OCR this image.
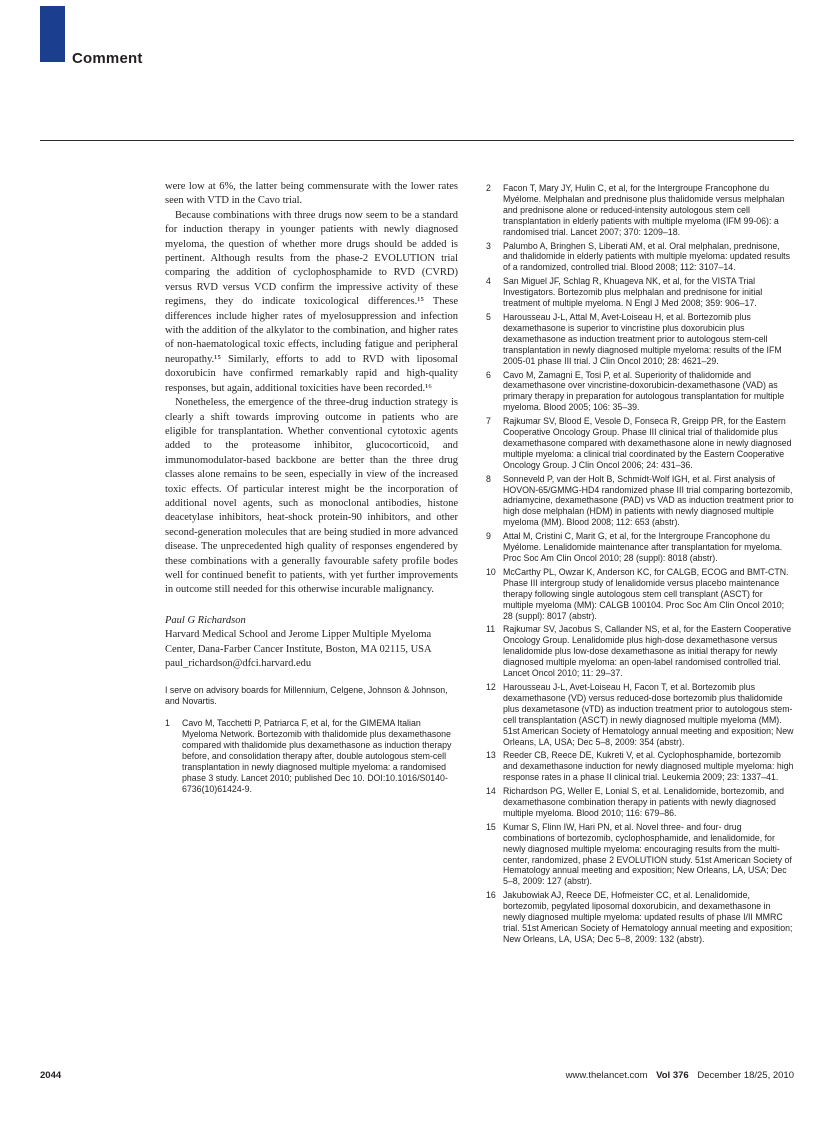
Comment

were low at 6%, the latter being commensurate with the lower rates seen with VTD in the Cavo trial.

Because combinations with three drugs now seem to be a standard for induction therapy in younger patients with newly diagnosed myeloma, the question of whether more drugs should be added is pertinent. Although results from the phase-2 EVOLUTION trial comparing the addition of cyclophosphamide to RVD (CVRD) versus RVD versus VCD confirm the impressive activity of these regimens, they do indicate toxicological differences.¹⁵ These differences include higher rates of myelosuppression and infection with the addition of the alkylator to the combination, and higher rates of non-haematological toxic effects, including fatigue and peripheral neuropathy.¹⁵ Similarly, efforts to add to RVD with liposomal doxorubicin have confirmed remarkably rapid and high-quality responses, but again, additional toxicities have been recorded.¹⁶

Nonetheless, the emergence of the three-drug induction strategy is clearly a shift towards improving outcome in patients who are eligible for transplantation. Whether conventional cytotoxic agents added to the proteasome inhibitor, glucocorticoid, and immunomodulator-based backbone are better than the three drug classes alone remains to be seen, especially in view of the increased toxic effects. Of particular interest might be the incorporation of additional novel agents, such as monoclonal antibodies, histone deacetylase inhibitors, heat-shock protein-90 inhibitors, and other second-generation molecules that are being studied in more advanced disease. The unprecedented high quality of responses engendered by these combinations with a generally favourable safety profile bodes well for continued benefit to patients, with yet further improvements in outcome still needed for this otherwise incurable malignancy.

Paul G Richardson

Harvard Medical School and Jerome Lipper Multiple Myeloma Center, Dana-Farber Cancer Institute, Boston, MA 02115, USA

paul_richardson@dfci.harvard.edu

I serve on advisory boards for Millennium, Celgene, Johnson & Johnson, and Novartis.

1	Cavo M, Tacchetti P, Patriarca F, et al, for the GIMEMA Italian Myeloma Network. Bortezomib with thalidomide plus dexamethasone compared with thalidomide plus dexamethasone as induction therapy before, and consolidation therapy after, double autologous stem-cell transplantation in newly diagnosed multiple myeloma: a randomised phase 3 study. Lancet 2010; published Dec 10. DOI:10.1016/S0140-6736(10)61424-9.
2	Facon T, Mary JY, Hulin C, et al, for the Intergroupe Francophone du Myélome. Melphalan and prednisone plus thalidomide versus melphalan and prednisone alone or reduced-intensity autologous stem cell transplantation in elderly patients with multiple myeloma (IFM 99-06): a randomised trial. Lancet 2007; 370: 1209–18.
3	Palumbo A, Bringhen S, Liberati AM, et al. Oral melphalan, prednisone, and thalidomide in elderly patients with multiple myeloma: updated results of a randomized, controlled trial. Blood 2008; 112: 3107–14.
4	San Miguel JF, Schlag R, Khuageva NK, et al, for the VISTA Trial Investigators. Bortezomib plus melphalan and prednisone for initial treatment of multiple myeloma. N Engl J Med 2008; 359: 906–17.
5	Harousseau J-L, Attal M, Avet-Loiseau H, et al. Bortezomib plus dexamethasone is superior to vincristine plus doxorubicin plus dexamethasone as induction treatment prior to autologous stem-cell transplantation in newly diagnosed multiple myeloma: results of the IFM 2005-01 phase III trial. J Clin Oncol 2010; 28: 4621–29.
6	Cavo M, Zamagni E, Tosi P, et al. Superiority of thalidomide and dexamethasone over vincristine-doxorubicin-dexamethasone (VAD) as primary therapy in preparation for autologous transplantation for multiple myeloma. Blood 2005; 106: 35–39.
7	Rajkumar SV, Blood E, Vesole D, Fonseca R, Greipp PR, for the Eastern Cooperative Oncology Group. Phase III clinical trial of thalidomide plus dexamethasone compared with dexamethasone alone in newly diagnosed multiple myeloma: a clinical trial coordinated by the Eastern Cooperative Oncology Group. J Clin Oncol 2006; 24: 431–36.
8	Sonneveld P, van der Holt B, Schmidt-Wolf IGH, et al. First analysis of HOVON-65/GMMG-HD4 randomized phase III trial comparing bortezomib, adriamycine, dexamethasone (PAD) vs VAD as induction treatment prior to high dose melphalan (HDM) in patients with newly diagnosed multiple myeloma (MM). Blood 2008; 112: 653 (abstr).
9	Attal M, Cristini C, Marit G, et al, for the Intergroupe Francophone du Myélome. Lenalidomide maintenance after transplantation for myeloma. Proc Soc Am Clin Oncol 2010; 28 (suppl): 8018 (abstr).
10 McCarthy PL, Owzar K, Anderson KC, for CALGB, ECOG and BMT-CTN. Phase III intergroup study of lenalidomide versus placebo maintenance therapy following single autologous stem cell transplant (ASCT) for multiple myeloma (MM): CALGB 100104. Proc Soc Am Clin Oncol 2010; 28 (suppl): 8017 (abstr).
11 Rajkumar SV, Jacobus S, Callander NS, et al, for the Eastern Cooperative Oncology Group. Lenalidomide plus high-dose dexamethasone versus lenalidomide plus low-dose dexamethasone as initial therapy for newly diagnosed multiple myeloma: an open-label randomised controlled trial. Lancet Oncol 2010; 11: 29–37.
12 Harousseau J-L, Avet-Loiseau H, Facon T, et al. Bortezomib plus dexamethasone (VD) versus reduced-dose bortezomib plus thalidomide plus dexametasone (vTD) as induction treatment prior to autologous stem-cell transplantation (ASCT) in newly diagnosed multiple myeloma (MM). 51st American Society of Hematology annual meeting and exposition; New Orleans, LA, USA; Dec 5–8, 2009: 354 (abstr).
13 Reeder CB, Reece DE, Kukreti V, et al. Cyclophosphamide, bortezomib and dexamethasone induction for newly diagnosed multiple myeloma: high response rates in a phase II clinical trial. Leukemia 2009; 23: 1337–41.
14 Richardson PG, Weller E, Lonial S, et al. Lenalidomide, bortezomib, and dexamethasone combination therapy in patients with newly diagnosed multiple myeloma. Blood 2010; 116: 679–86.
15 Kumar S, Flinn IW, Hari PN, et al. Novel three- and four- drug combinations of bortezomib, cyclophosphamide, and lenalidomide, for newly diagnosed multiple myeloma: encouraging results from the multi-center, randomized, phase 2 EVOLUTION study. 51st American Society of Hematology annual meeting and exposition; New Orleans, LA, USA; Dec 5–8, 2009: 127 (abstr).
16 Jakubowiak AJ, Reece DE, Hofmeister CC, et al. Lenalidomide, bortezomib, pegylated liposomal doxorubicin, and dexamethasone in newly diagnosed multiple myeloma: updated results of phase I/II MMRC trial. 51st American Society of Hematology annual meeting and exposition; New Orleans, LA, USA; Dec 5–8, 2009: 132 (abstr).
2044	www.thelancet.com Vol 376 December 18/25, 2010
